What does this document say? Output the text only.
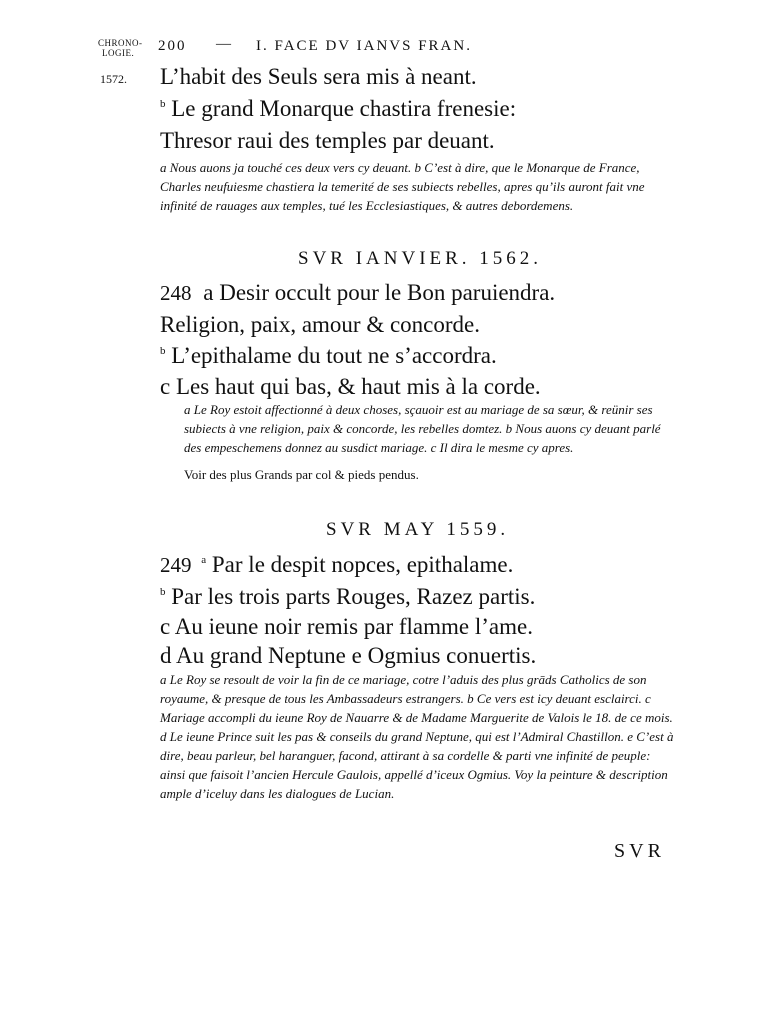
CHRONO-
LOGIE.	200 — I. FACE DV IANVS FRAN.
1572. L’habit des Seuls sera mis à neant.
$^b$ Le grand Monarque chastira frenesie:
Thresor raui des temples par deuant.
a Nous auons ja touché ces deux vers cy deuant. b C’est à dire, que le Monarque de France, Charles neufuiesme chastiera la temerité de ses subiects rebelles, apres qu’ils auront fait vne infinité de rauages aux temples, tué les Ecclesiastiques, & autres debordemens.
SVR IANVIER. 1562.
248 a Desir occult pour le Bon paruiendra.
Religion, paix, amour & concorde.
$^b$ L’epithalame du tout ne s’accordra.
c Les haut qui bas, & haut mis à la corde.
a Le Roy estoit affectionné à deux choses, sçauoir est au mariage de sa sœur, & reünir ses subiects à vne religion, paix & concorde, les rebelles domtez. b Nous auons cy deuant parlé des empeschemens donnez au susdict mariage. c Il dira le mesme cy apres.
Voir des plus Grands par col & pieds pendus.
SVR MAY 1559.
249 $^a$ Par le despit nopces, epithalame.
$^b$ Par les trois parts Rouges, Razez partis.
c Au ieune noir remis par flamme l’ame.
d Au grand Neptune e Ogmius conuertis.
a Le Roy se resoult de voir la fin de ce mariage, cotre l’aduis des plus grāds Catholics de son royaume, & presque de tous les Ambassadeurs estrangers. b Ce vers est icy deuant esclairci. c Mariage accompli du ieune Roy de Nauarre & de Madame Marguerite de Valois le 18. de ce mois. d Le ieune Prince suit les pas & conseils du grand Neptune, qui est l’Admiral Chastillon. e C’est à dire, beau parleur, bel haranguer, facond, attirant à sa cordelle & parti vne infinité de peuple: ainsi que faisoit l’ancien Hercule Gaulois, appellé d’iceux Ogmius. Voy la peinture & description ample d’iceluy dans les dialogues de Lucian.
SVR
